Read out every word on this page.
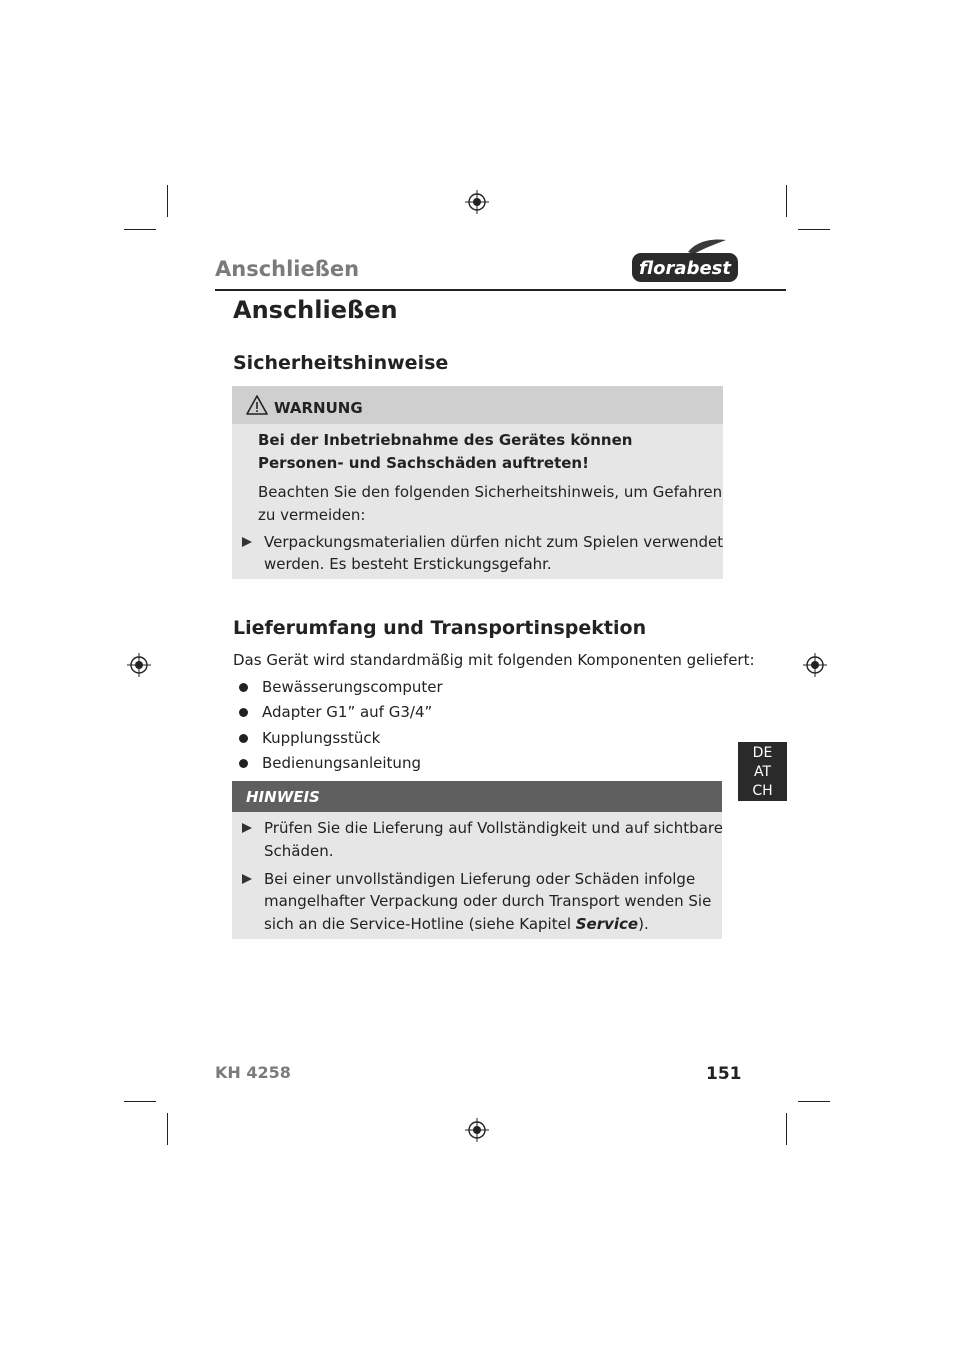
Anschließen	florabest
Anschließen
Sicherheitshinweise
WARNUNG
Bei der Inbetriebnahme des Gerätes können
Personen- und Sachschäden auftreten!
Beachten Sie den folgenden Sicherheitshinweis, um Gefahren
zu vermeiden:
Verpackungsmaterialien dürfen nicht zum Spielen verwendet
werden. Es besteht Erstickungsgefahr.
Lieferumfang und Transportinspektion
Das Gerät wird standardmäßig mit folgenden Komponenten geliefert:
Bewässerungscomputer
Adapter G1” auf G3/4”
Kupplungsstück
Bedienungsanleitung
DE
AT
CH
HINWEIS
Prüfen Sie die Lieferung auf Vollständigkeit und auf sichtbare
Schäden.
Bei einer unvollständigen Lieferung oder Schäden infolge
mangelhafter Verpackung oder durch Transport wenden Sie
sich an die Service-Hotline (siehe Kapitel Service).
KH 4258	151
